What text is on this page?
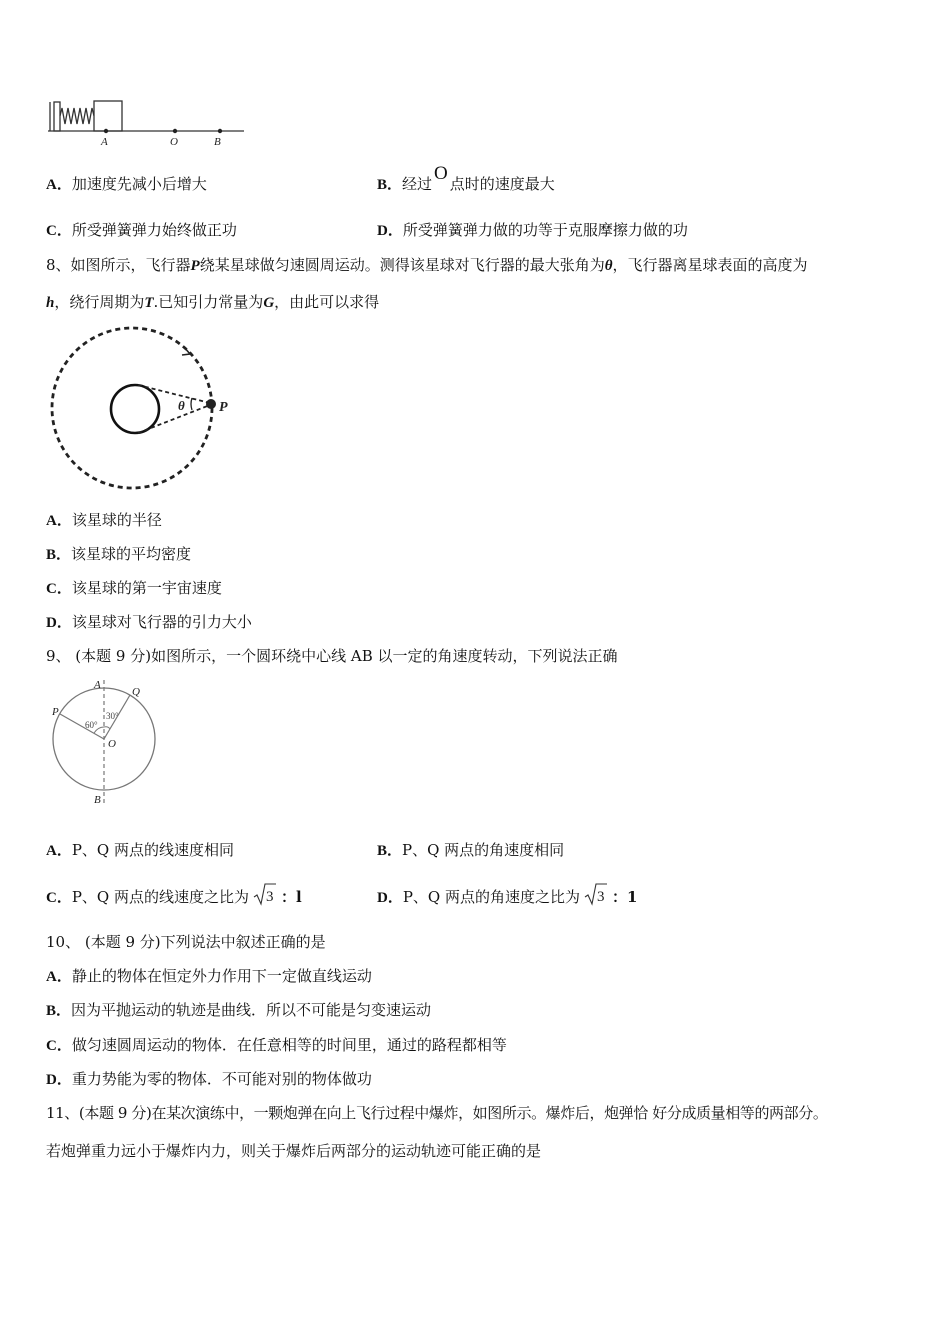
A	O	B
A．加速度先减小后增大	B．经过 O 点时的速度最大
C．所受弹簧弹力始终做正功	D．所受弹簧弹力做的功等于克服摩擦力做的功
8、如图所示，飞行器P绕某星球做匀速圆周运动。测得该星球对飞行器的最大张角为θ，飞行器离星球表面的高度为
h，绕行周期为T.已知引力常量为G，由此可以求得
θ P
A．该星球的半径
B．该星球的平均密度
C．该星球的第一宇宙速度
D．该星球对飞行器的引力大小
9、 (本题 9 分)如图所示，一个圆环绕中心线 AB 以一定的角速度转动，下列说法正确
A
B
P
Q
O
60°
30°
A．P、Q 两点的线速度相同	B．P、Q 两点的角速度相同
C．P、Q 两点的线速度之比为 3 ：l	D．P、Q 两点的角速度之比为 3 ：1
10、 (本题 9 分)下列说法中叙述正确的是
A．静止的物体在恒定外力作用下一定做直线运动
B．因为平抛运动的轨迹是曲线．所以不可能是匀变速运动
C．做匀速圆周运动的物体．在任意相等的时间里，通过的路程都相等
D．重力势能为零的物体．不可能对别的物体做功
11、(本题 9 分)在某次演练中，一颗炮弹在向上飞行过程中爆炸，如图所示。爆炸后，炮弹恰 好分成质量相等的两部分。
若炮弹重力远小于爆炸内力，则关于爆炸后两部分的运动轨迹可能正确的是
